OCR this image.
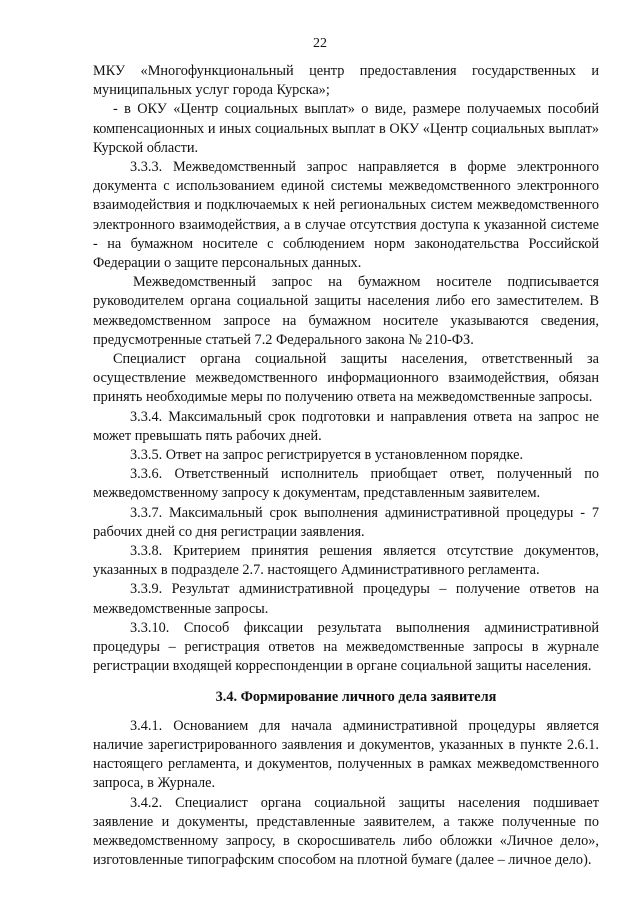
22

МКУ «Многофункциональный центр предоставления государственных и муниципальных услуг города Курска»;

- в ОКУ «Центр социальных выплат» о виде, размере получаемых пособий компенсационных и иных социальных выплат в ОКУ «Центр социальных выплат» Курской области.

3.3.3. Межведомственный запрос направляется в форме электронного документа с использованием единой системы межведомственного электронного взаимодействия и подключаемых к ней региональных систем межведомственного электронного взаимодействия, а в случае отсутствия доступа к указанной системе - на бумажном носителе с соблюдением норм законодательства Российской Федерации о защите персональных данных.

Межведомственный запрос на бумажном носителе подписывается руководителем органа социальной защиты населения либо его заместителем. В межведомственном запросе на бумажном носителе указываются сведения, предусмотренные статьей 7.2 Федерального закона № 210-ФЗ.

Специалист органа социальной защиты населения, ответственный за осуществление межведомственного информационного взаимодействия, обязан принять необходимые меры по получению ответа на межведомственные запросы.

3.3.4. Максимальный срок подготовки и направления ответа на запрос не может превышать пять рабочих дней.

3.3.5. Ответ на запрос регистрируется в установленном порядке.

3.3.6. Ответственный исполнитель приобщает ответ, полученный по межведомственному запросу к документам, представленным заявителем.

3.3.7. Максимальный срок выполнения административной процедуры - 7 рабочих дней со дня регистрации заявления.

3.3.8. Критерием принятия решения является отсутствие документов, указанных в подразделе 2.7. настоящего Административного регламента.

3.3.9. Результат административной процедуры – получение ответов на межведомственные запросы.

3.3.10. Способ фиксации результата выполнения административной процедуры – регистрация ответов на межведомственные запросы в журнале регистрации входящей корреспонденции в органе социальной защиты населения.

3.4. Формирование личного дела заявителя

3.4.1. Основанием для начала административной процедуры является наличие зарегистрированного заявления и документов, указанных в пункте 2.6.1. настоящего регламента, и документов, полученных в рамках межведомственного запроса, в Журнале.

3.4.2. Специалист органа социальной защиты населения подшивает заявление и документы, представленные заявителем, а также полученные по межведомственному запросу, в скоросшиватель либо обложки «Личное дело», изготовленные типографским способом на плотной бумаге (далее – личное дело).
